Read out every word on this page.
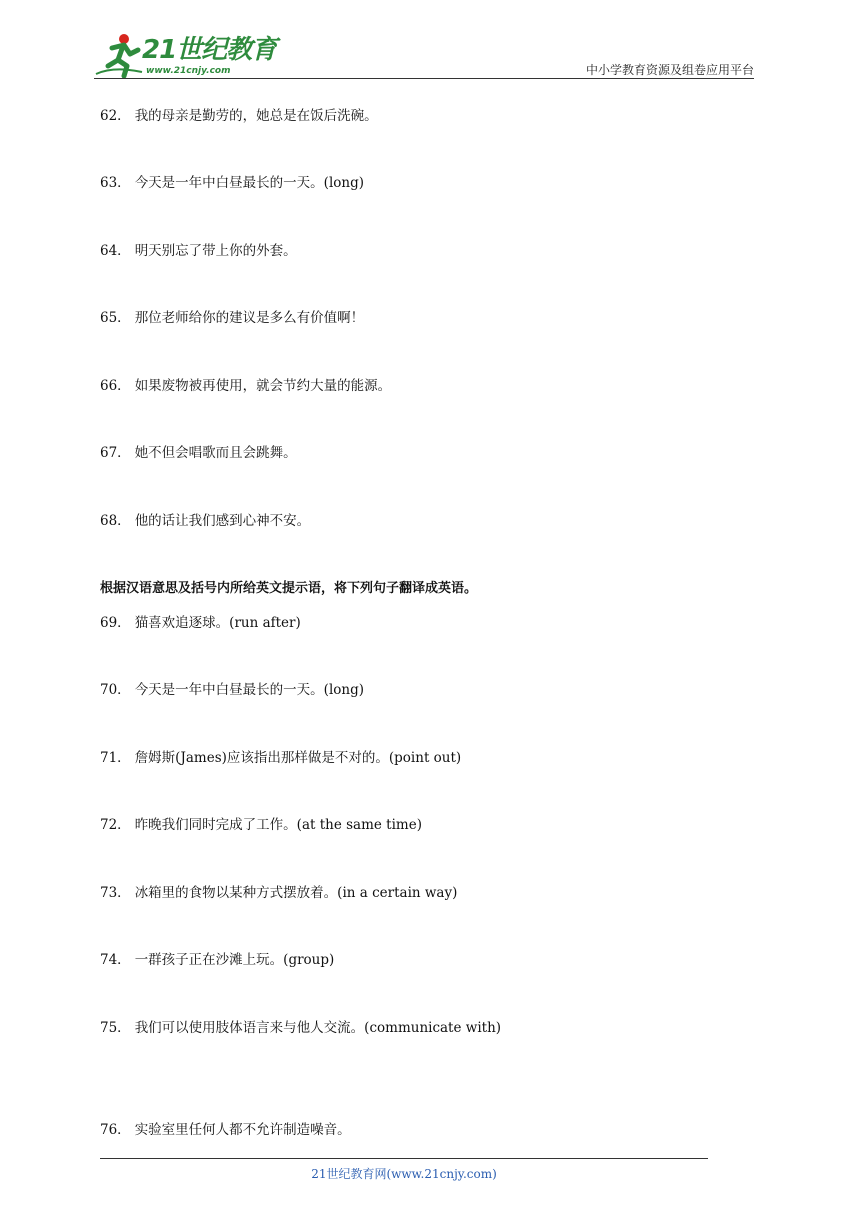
21世纪教育
www.21cnjy.com	中小学教育资源及组卷应用平台
62． 我的母亲是勤劳的，她总是在饭后洗碗。
63． 今天是一年中白昼最长的一天。(long)
64． 明天别忘了带上你的外套。
65． 那位老师给你的建议是多么有价值啊！
66． 如果废物被再使用，就会节约大量的能源。
67． 她不但会唱歌而且会跳舞。
68． 他的话让我们感到心神不安。
根据汉语意思及括号内所给英文提示语，将下列句子翻译成英语。
69． 猫喜欢追逐球。(run after)
70． 今天是一年中白昼最长的一天。(long)
71． 詹姆斯(James)应该指出那样做是不对的。(point out)
72． 昨晚我们同时完成了工作。(at the same time)
73． 冰箱里的食物以某种方式摆放着。(in a certain way)
74． 一群孩子正在沙滩上玩。(group)
75． 我们可以使用肢体语言来与他人交流。(communicate with)
76． 实验室里任何人都不允许制造噪音。
21世纪教育网(www.21cnjy.com)
